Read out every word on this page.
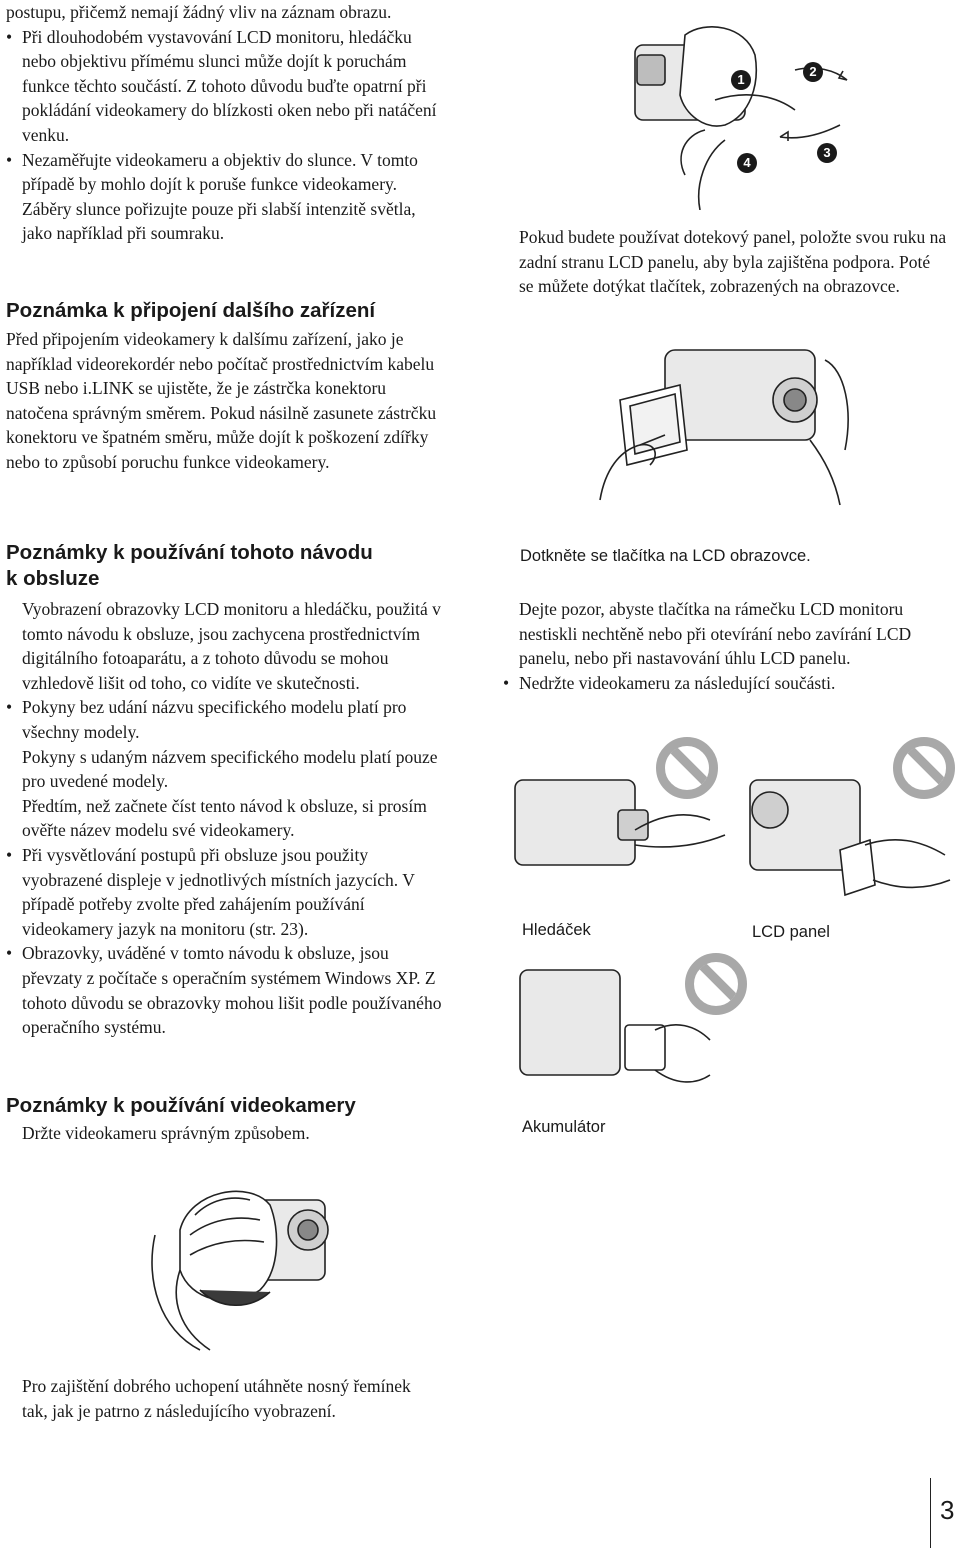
postupu, přičemž nemají žádný vliv na záznam obrazu.
• Při dlouhodobém vystavování LCD monitoru, hledáčku nebo objektivu přímému slunci může dojít k poruchám funkce těchto součástí. Z tohoto důvodu buďte opatrní při pokládání videokamery do blízkosti oken nebo při natáčení venku.
• Nezaměřujte videokameru a objektiv do slunce. V tomto případě by mohlo dojít k poruše funkce videokamery. Záběry slunce pořizujte pouze při slabší intenzitě světla, jako například při soumraku.
Poznámka k připojení dalšího zařízení

Před připojením videokamery k dalšímu zařízení, jako je například videorekordér nebo počítač prostřednictvím kabelu USB nebo i.LINK se ujistěte, že je zástrčka konektoru natočena správným směrem. Pokud násilně zasunete zástrčku konektoru ve špatném směru, může dojít k poškození zdířky nebo to způsobí poruchu funkce videokamery.

Poznámky k používání tohoto návodu
k obsluze
Vyobrazení obrazovky LCD monitoru a hledáčku, použitá v tomto návodu k obsluze, jsou zachycena prostřednictvím digitálního fotoaparátu, a z tohoto důvodu se mohou vzhledově lišit od toho, co vidíte ve skutečnosti.
• Pokyny bez udání názvu specifického modelu platí pro všechny modely.
Pokyny s udaným názvem specifického modelu platí pouze pro uvedené modely.
Předtím, než začnete číst tento návod k obsluze, si prosím ověřte název modelu své videokamery.
• Při vysvětlování postupů při obsluze jsou použity vyobrazené displeje v jednotlivých místních jazycích. V případě potřeby zvolte před zahájením používání videokamery jazyk na monitoru (str. 23).
• Obrazovky, uváděné v tomto návodu k obsluze, jsou převzaty z počítače s operačním systémem Windows XP. Z tohoto důvodu se obrazovky mohou lišit podle používaného operačního systému.
Poznámky k používání videokamery
Držte videokameru správným způsobem.
Pro zajištění dobrého uchopení utáhněte nosný řemínek tak, jak je patrno z následujícího vyobrazení.
1
2
3
4
Pokud budete používat dotekový panel, položte svou ruku na zadní stranu LCD panelu, aby byla zajištěna podpora. Poté se můžete dotýkat tlačítek, zobrazených na obrazovce.
Dotkněte se tlačítka na LCD obrazovce.
Dejte pozor, abyste tlačítka na rámečku LCD monitoru nestiskli nechtěně nebo při otevírání nebo zavírání LCD panelu, nebo při nastavování úhlu LCD panelu.
• Nedržte videokameru za následující součásti.
Hledáček	LCD panel
Akumulátor
3
